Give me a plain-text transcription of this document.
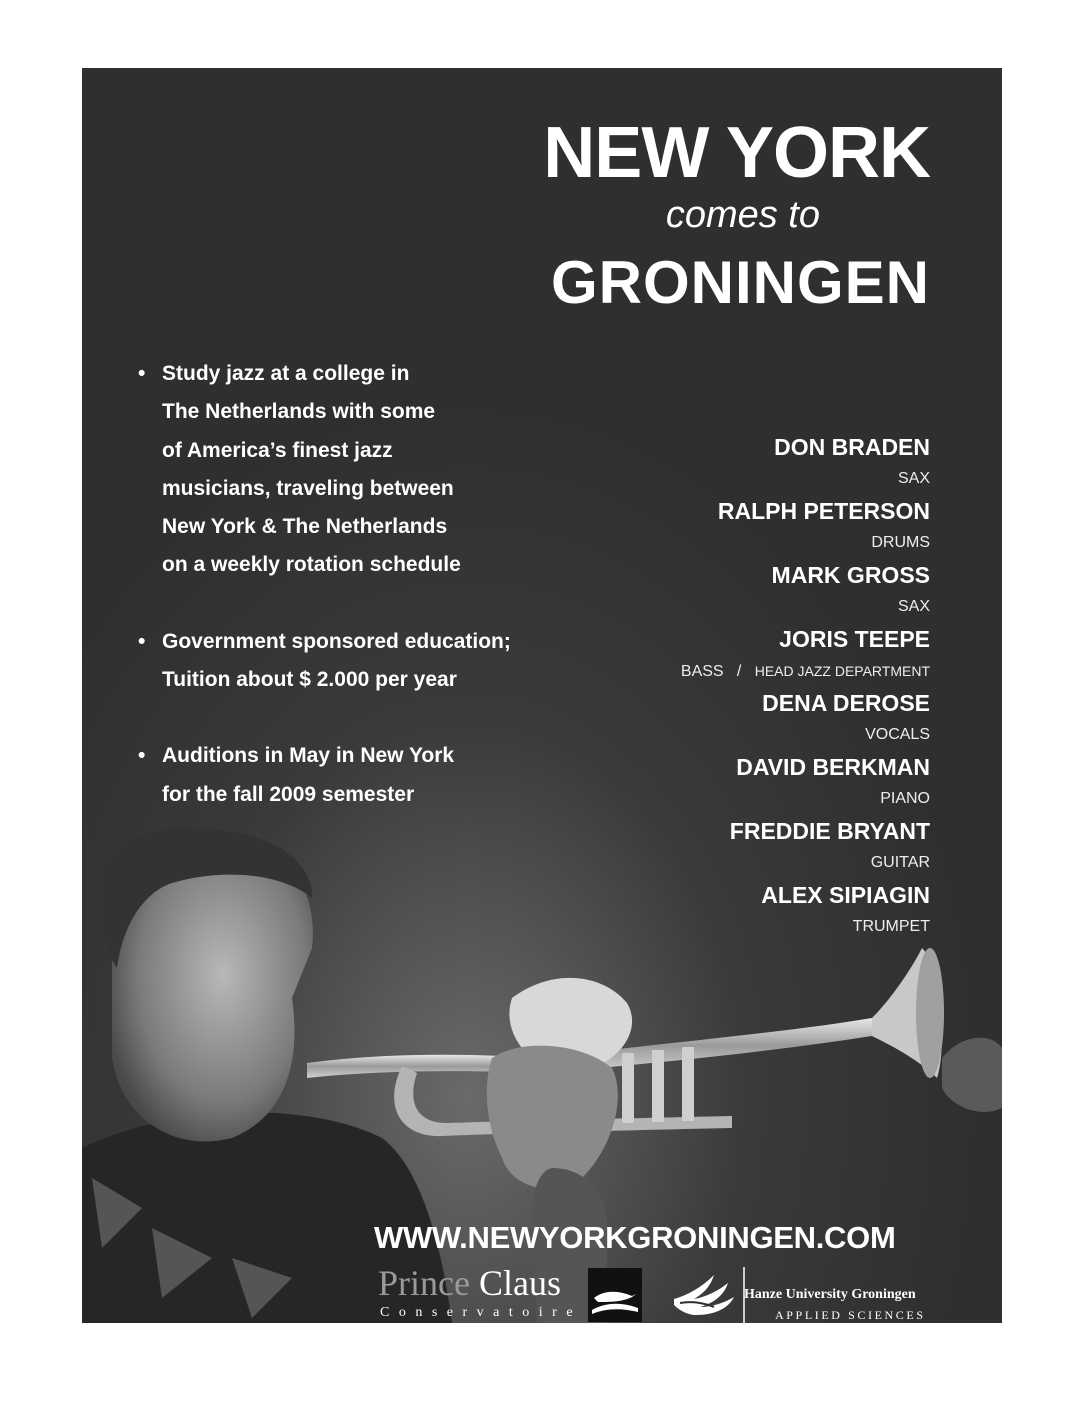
NEW YORK
comes to
GRONINGEN
• Study jazz at a college in
The Netherlands with some
of America’s finest jazz
musicians, traveling between
New York & The Netherlands
on a weekly rotation schedule
• Government sponsored education;
Tuition about $ 2.000 per year
• Auditions in May in New York
for the fall 2009 semester
DON BRADEN
SAX
RALPH PETERSON
DRUMS
MARK GROSS
SAX
JORIS TEEPE
BASS   /   HEAD JAZZ DEPARTMENT
DENA DEROSE
VOCALS
DAVID BERKMAN
PIANO
FREDDIE BRYANT
GUITAR
ALEX SIPIAGIN
TRUMPET
WWW.NEWYORKGRONINGEN.COM
Prince Claus
Conservatoire
Hanze University Groningen
APPLIED SCIENCES
